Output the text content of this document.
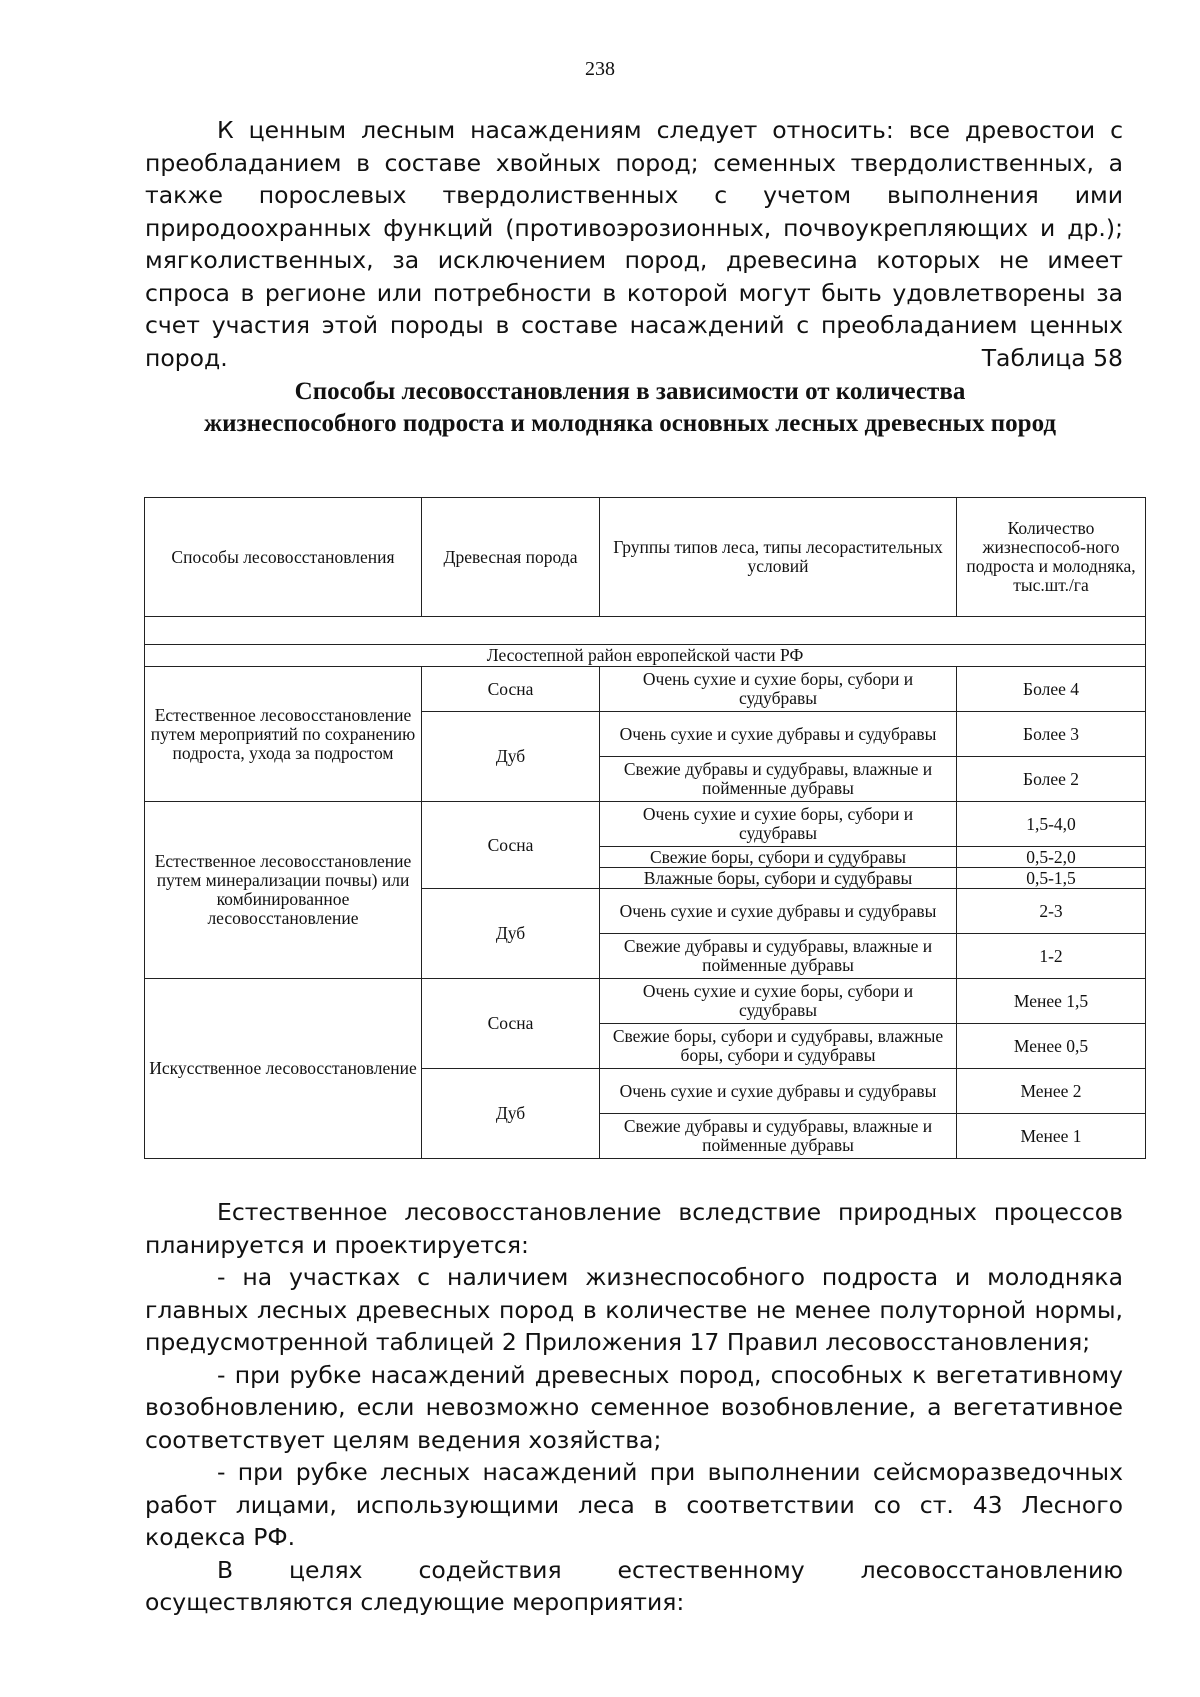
238

К ценным лесным насаждениям следует относить: все древостои с преобладанием в составе хвойных пород; семенных твердолиственных, а также порослевых твердолиственных с учетом выполнения ими природоохранных функций (противоэрозионных, почвоукрепляющих и др.); мягколиственных, за исключением пород, древесина которых не имеет спроса в регионе или потребности в которой могут быть удовлетворены за счет участия этой породы в составе насаждений с преобладанием ценных пород.	Таблица 58
Способы лесовосстановления в зависимости от количества жизнеспособного подроста и молодняка основных лесных древесных пород
Способы лесовосстановления	Древесная порода	Группы типов леса, типы лесорастительных условий	Количество жизнеспособ-ного подроста и молодняка, тыс.шт./га

Лесостепной район европейской части РФ			
Естественное лесовосстановление путем мероприятий по сохранению подроста, ухода за подростом	Сосна	Очень сухие и сухие боры, субори и судубравы	Более 4
	Дуб	Очень сухие и сухие дубравы и судубравы	Более 3
		Свежие дубравы и судубравы, влажные и пойменные дубравы	Более 2
Естественное лесовосстановление путем минерализации почвы) или комбинированное лесовосстановление	Сосна	Очень сухие и сухие боры, субори и судубравы	1,5-4,0
		Свежие боры, субори и судубравы	0,5-2,0
		Влажные боры, субори и судубравы	0,5-1,5
	Дуб	Очень сухие и сухие дубравы и судубравы	2-3
		Свежие дубравы и судубравы, влажные и пойменные дубравы	1-2
Искусственное лесовосстановление	Сосна	Очень сухие и сухие боры, субори и судубравы	Менее 1,5
		Свежие боры, субори и судубравы, влажные боры, субори и судубравы	Менее 0,5
	Дуб	Очень сухие и сухие дубравы и судубравы	Менее 2
		Свежие дубравы и судубравы, влажные и пойменные дубравы	Менее 1

Естественное лесовосстановление вследствие природных процессов планируется и проектируется:

- на участках с наличием жизнеспособного подроста и молодняка главных лесных древесных пород в количестве не менее полуторной нормы, предусмотренной таблицей 2 Приложения 17 Правил лесовосстановления;

- при рубке насаждений древесных пород, способных к вегетативному возобновлению, если невозможно семенное возобновление, а вегетативное соответствует целям ведения хозяйства;

- при рубке лесных насаждений при выполнении сейсморазведочных работ лицами, использующими леса в соответствии со ст. 43 Лесного кодекса РФ.

В целях содействия естественному лесовосстановлению осуществляются следующие мероприятия:
